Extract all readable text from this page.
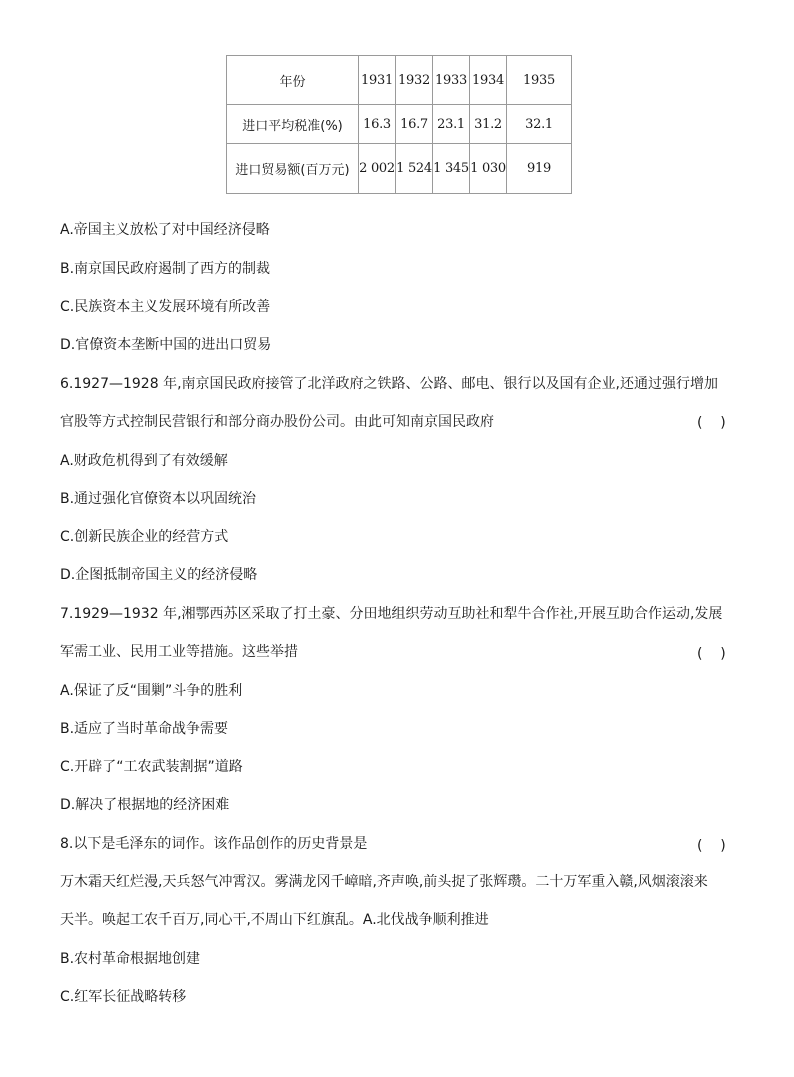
年份	1931	1932	1933	1934	1935
进口平均税准(%)	16.3	16.7	23.1	31.2	32.1
进口贸易额(百万元)	2 002	1 524	1 345	1 030	919
A.帝国主义放松了对中国经济侵略
B.南京国民政府遏制了西方的制裁
C.民族资本主义发展环境有所改善
D.官僚资本垄断中国的进出口贸易
6.1927—1928 年,南京国民政府接管了北洋政府之铁路、公路、邮电、银行以及国有企业,还通过强行增加
官股等方式控制民营银行和部分商办股份公司。由此可知南京国民政府	(    )
A.财政危机得到了有效缓解
B.通过强化官僚资本以巩固统治
C.创新民族企业的经营方式
D.企图抵制帝国主义的经济侵略
7.1929—1932 年,湘鄂西苏区采取了打土豪、分田地组织劳动互助社和犁牛合作社,开展互助合作运动,发展
军需工业、民用工业等措施。这些举措	(    )
A.保证了反“围剿”斗争的胜利
B.适应了当时革命战争需要
C.开辟了“工农武装割据”道路
D.解决了根据地的经济困难
8.以下是毛泽东的词作。该作品创作的历史背景是	(    )
万木霜天红烂漫,天兵怒气冲霄汉。雾满龙冈千嶂暗,齐声唤,前头捉了张辉瓒。二十万军重入赣,风烟滚滚来
天半。唤起工农千百万,同心干,不周山下红旗乱。A.北伐战争顺利推进
B.农村革命根据地创建
C.红军长征战略转移
